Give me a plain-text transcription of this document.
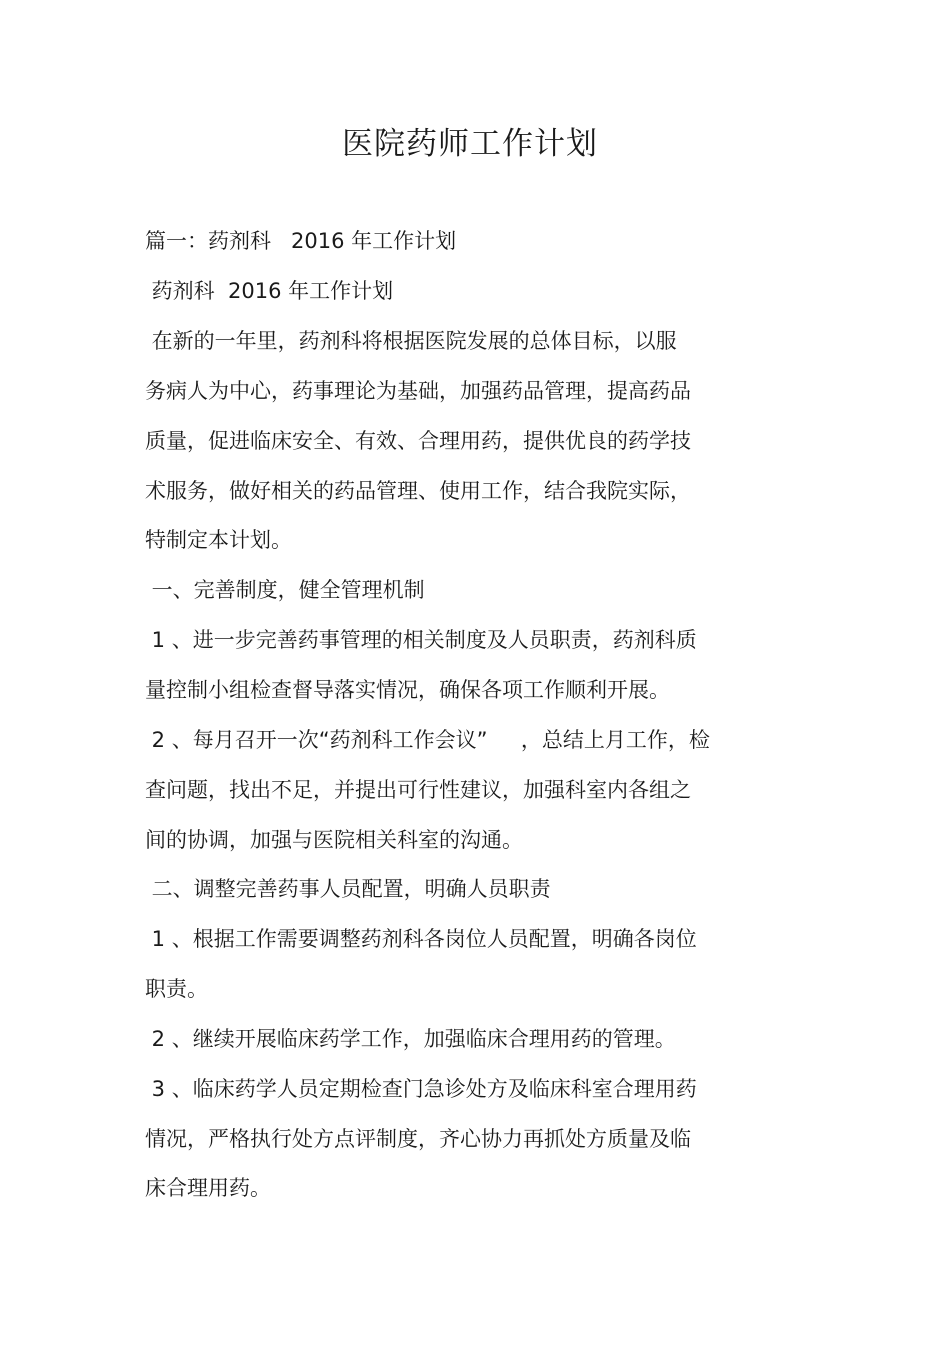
医院药师工作计划
篇一：药剂科   2016 年工作计划
药剂科  2016 年工作计划
在新的一年里，药剂科将根据医院发展的总体目标，以服
务病人为中心，药事理论为基础，加强药品管理，提高药品
质量，促进临床安全、有效、合理用药，提供优良的药学技
术服务，做好相关的药品管理、使用工作，结合我院实际，
特制定本计划。
一、完善制度，健全管理机制
1 、进一步完善药事管理的相关制度及人员职责，药剂科质
量控制小组检查督导落实情况，确保各项工作顺利开展。
2 、每月召开一次“药剂科工作会议”     ，总结上月工作，检
查问题，找出不足，并提出可行性建议，加强科室内各组之
间的协调，加强与医院相关科室的沟通。
二、调整完善药事人员配置，明确人员职责
1 、根据工作需要调整药剂科各岗位人员配置，明确各岗位
职责。
2 、继续开展临床药学工作，加强临床合理用药的管理。
3 、临床药学人员定期检查门急诊处方及临床科室合理用药
情况，严格执行处方点评制度，齐心协力再抓处方质量及临
床合理用药。
